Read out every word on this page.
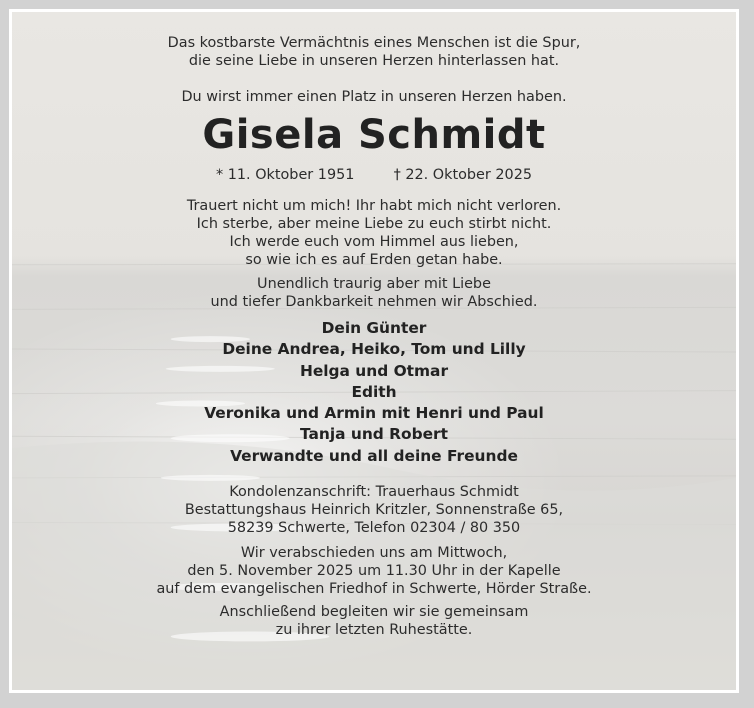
Das kostbarste Vermächtnis eines Menschen ist die Spur,
die seine Liebe in unseren Herzen hinterlassen hat.
Du wirst immer einen Platz in unseren Herzen haben.
Gisela Schmidt
* 11. Oktober 1951	† 22. Oktober 2025
Trauert nicht um mich! Ihr habt mich nicht verloren.
Ich sterbe, aber meine Liebe zu euch stirbt nicht.
Ich werde euch vom Himmel aus lieben,
so wie ich es auf Erden getan habe.
Unendlich traurig aber mit Liebe
und tiefer Dankbarkeit nehmen wir Abschied.
Dein Günter
Deine Andrea, Heiko, Tom und Lilly
Helga und Otmar
Edith
Veronika und Armin mit Henri und Paul
Tanja und Robert
Verwandte und all deine Freunde
Kondolenzanschrift: Trauerhaus Schmidt
Bestattungshaus Heinrich Kritzler, Sonnenstraße 65,
58239 Schwerte, Telefon 02304 / 80 350
Wir verabschieden uns am Mittwoch,
den 5. November 2025 um 11.30 Uhr in der Kapelle
auf dem evangelischen Friedhof in Schwerte, Hörder Straße.
Anschließend begleiten wir sie gemeinsam
zu ihrer letzten Ruhestätte.
